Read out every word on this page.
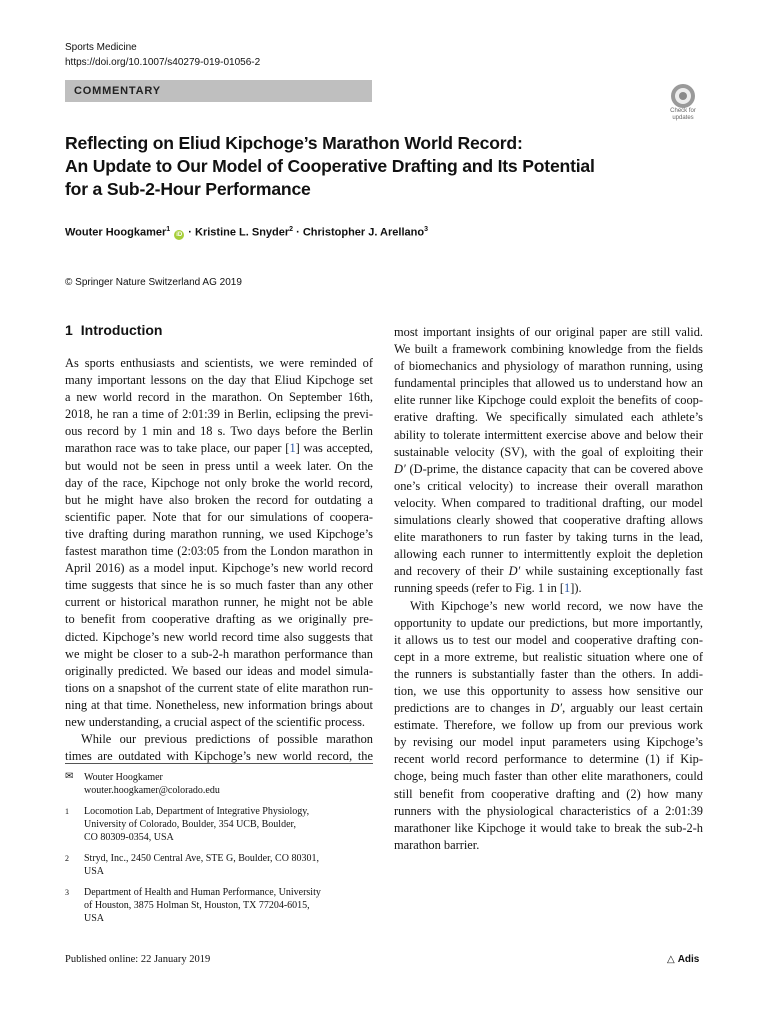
Sports Medicine
https://doi.org/10.1007/s40279-019-01056-2
COMMENTARY
Check for
updates
Reflecting on Eliud Kipchoge’s Marathon World Record:
An Update to Our Model of Cooperative Drafting and Its Potential
for a Sub-2-Hour Performance
Wouter Hoogkamer$^1$ iD · Kristine L. Snyder$^2$ · Christopher J. Arellano$^3$
© Springer Nature Switzerland AG 2019
1 Introduction

As sports enthusiasts and scientists, we were reminded of
many important lessons on the day that Eliud Kipchoge set
a new world record in the marathon. On September 16th,
2018, he ran a time of 2:01:39 in Berlin, eclipsing the previ-
ous record by 1 min and 18 s. Two days before the Berlin
marathon race was to take place, our paper [1] was accepted,
but would not be seen in press until a week later. On the
day of the race, Kipchoge not only broke the world record,
but he might have also broken the record for outdating a
scientific paper. Note that for our simulations of coopera-
tive drafting during marathon running, we used Kipchoge’s
fastest marathon time (2:03:05 from the London marathon in
April 2016) as a model input. Kipchoge’s new world record
time suggests that since he is so much faster than any other
current or historical marathon runner, he might not be able
to benefit from cooperative drafting as we originally pre-
dicted. Kipchoge’s new world record time also suggests that
we might be closer to a sub-2-h marathon performance than
originally predicted. We based our ideas and model simula-
tions on a snapshot of the current state of elite marathon run-
ning at that time. Nonetheless, new information brings about
new understanding, a crucial aspect of the scientific process.

While our previous predictions of possible marathon
times are outdated with Kipchoge’s new world record, the

most important insights of our original paper are still valid.
We built a framework combining knowledge from the fields
of biomechanics and physiology of marathon running, using
fundamental principles that allowed us to understand how an
elite runner like Kipchoge could exploit the benefits of coop-
erative drafting. We specifically simulated each athlete’s
ability to tolerate intermittent exercise above and below their
sustainable velocity (SV), with the goal of exploiting their
D′ (D-prime, the distance capacity that can be covered above
one’s critical velocity) to increase their overall marathon
velocity. When compared to traditional drafting, our model
simulations clearly showed that cooperative drafting allows
elite marathoners to run faster by taking turns in the lead,
allowing each runner to intermittently exploit the depletion
and recovery of their D′ while sustaining exceptionally fast
running speeds (refer to Fig. 1 in [1]).

With Kipchoge’s new world record, we now have the
opportunity to update our predictions, but more importantly,
it allows us to test our model and cooperative drafting con-
cept in a more extreme, but realistic situation where one of
the runners is substantially faster than the others. In addi-
tion, we use this opportunity to assess how sensitive our
predictions are to changes in D′, arguably our least certain
estimate. Therefore, we follow up from our previous work
by revising our model input parameters using Kipchoge’s
recent world record performance to determine (1) if Kip-
choge, being much faster than other elite marathoners, could
still benefit from cooperative drafting and (2) how many
runners with the physiological characteristics of a 2:01:39
marathoner like Kipchoge it would take to break the sub-2-h
marathon barrier.

✉ Wouter Hoogkamer
wouter.hoogkamer@colorado.edu
1 Locomotion Lab, Department of Integrative Physiology,
University of Colorado, Boulder, 354 UCB, Boulder,
CO 80309-0354, USA
2 Stryd, Inc., 2450 Central Ave, STE G, Boulder, CO 80301,
USA
3 Department of Health and Human Performance, University
of Houston, 3875 Holman St, Houston, TX 77204-6015,
USA
Published online: 22 January 2019	△ Adis
